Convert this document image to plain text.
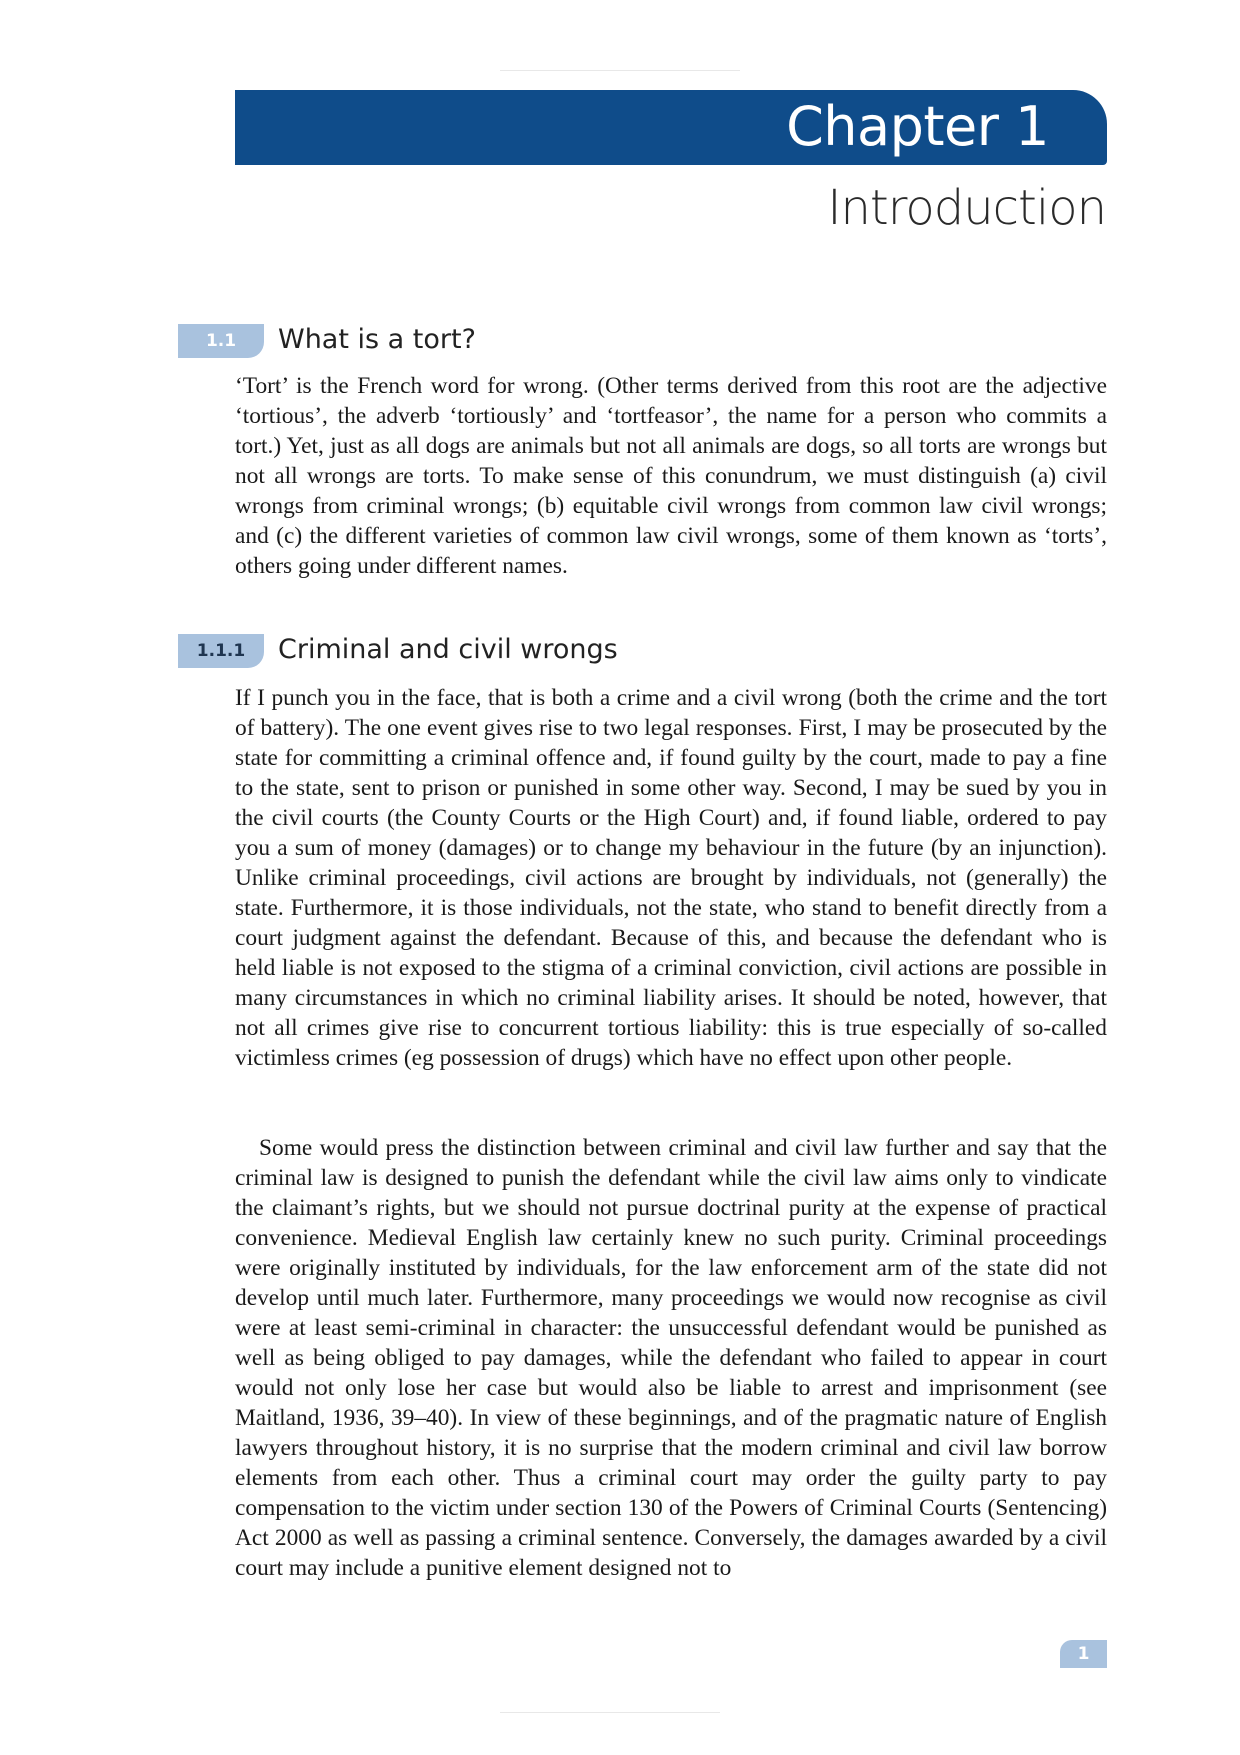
Chapter 1
Introduction
1.1	What is a tort?

‘Tort’ is the French word for wrong. (Other terms derived from this root are the adjective ‘tortious’, the adverb ‘tortiously’ and ‘tortfeasor’, the name for a person who commits a tort.) Yet, just as all dogs are animals but not all animals are dogs, so all torts are wrongs but not all wrongs are torts. To make sense of this conundrum, we must distinguish (a) civil wrongs from criminal wrongs; (b) equitable civil wrongs from common law civil wrongs; and (c) the different varieties of common law civil wrongs, some of them known as ‘torts’, others going under different names.

1.1.1	Criminal and civil wrongs

If I punch you in the face, that is both a crime and a civil wrong (both the crime and the tort of battery). The one event gives rise to two legal responses. First, I may be prosecuted by the state for committing a criminal offence and, if found guilty by the court, made to pay a fine to the state, sent to prison or punished in some other way. Second, I may be sued by you in the civil courts (the County Courts or the High Court) and, if found liable, ordered to pay you a sum of money (damages) or to change my behaviour in the future (by an injunction). Unlike criminal proceedings, civil actions are brought by individuals, not (generally) the state. Furthermore, it is those individuals, not the state, who stand to benefit directly from a court judgment against the defendant. Because of this, and because the defendant who is held liable is not exposed to the stigma of a criminal conviction, civil actions are possible in many circumstances in which no criminal liability arises. It should be noted, however, that not all crimes give rise to concurrent tortious liability: this is true especially of so-called victimless crimes (eg possession of drugs) which have no effect upon other people.

Some would press the distinction between criminal and civil law further and say that the criminal law is designed to punish the defendant while the civil law aims only to vindicate the claimant’s rights, but we should not pursue doctrinal purity at the expense of practical convenience. Medieval English law certainly knew no such purity. Criminal proceedings were originally instituted by individuals, for the law enforcement arm of the state did not develop until much later. Furthermore, many proceedings we would now recognise as civil were at least semi-criminal in character: the unsuccessful defendant would be punished as well as being obliged to pay damages, while the defendant who failed to appear in court would not only lose her case but would also be liable to arrest and imprisonment (see Maitland, 1936, 39–40). In view of these beginnings, and of the pragmatic nature of English lawyers throughout history, it is no surprise that the modern criminal and civil law borrow elements from each other. Thus a criminal court may order the guilty party to pay compensation to the victim under section 130 of the Powers of Criminal Courts (Sentencing) Act 2000 as well as passing a criminal sentence. Conversely, the damages awarded by a civil court may include a punitive element designed not to

1
